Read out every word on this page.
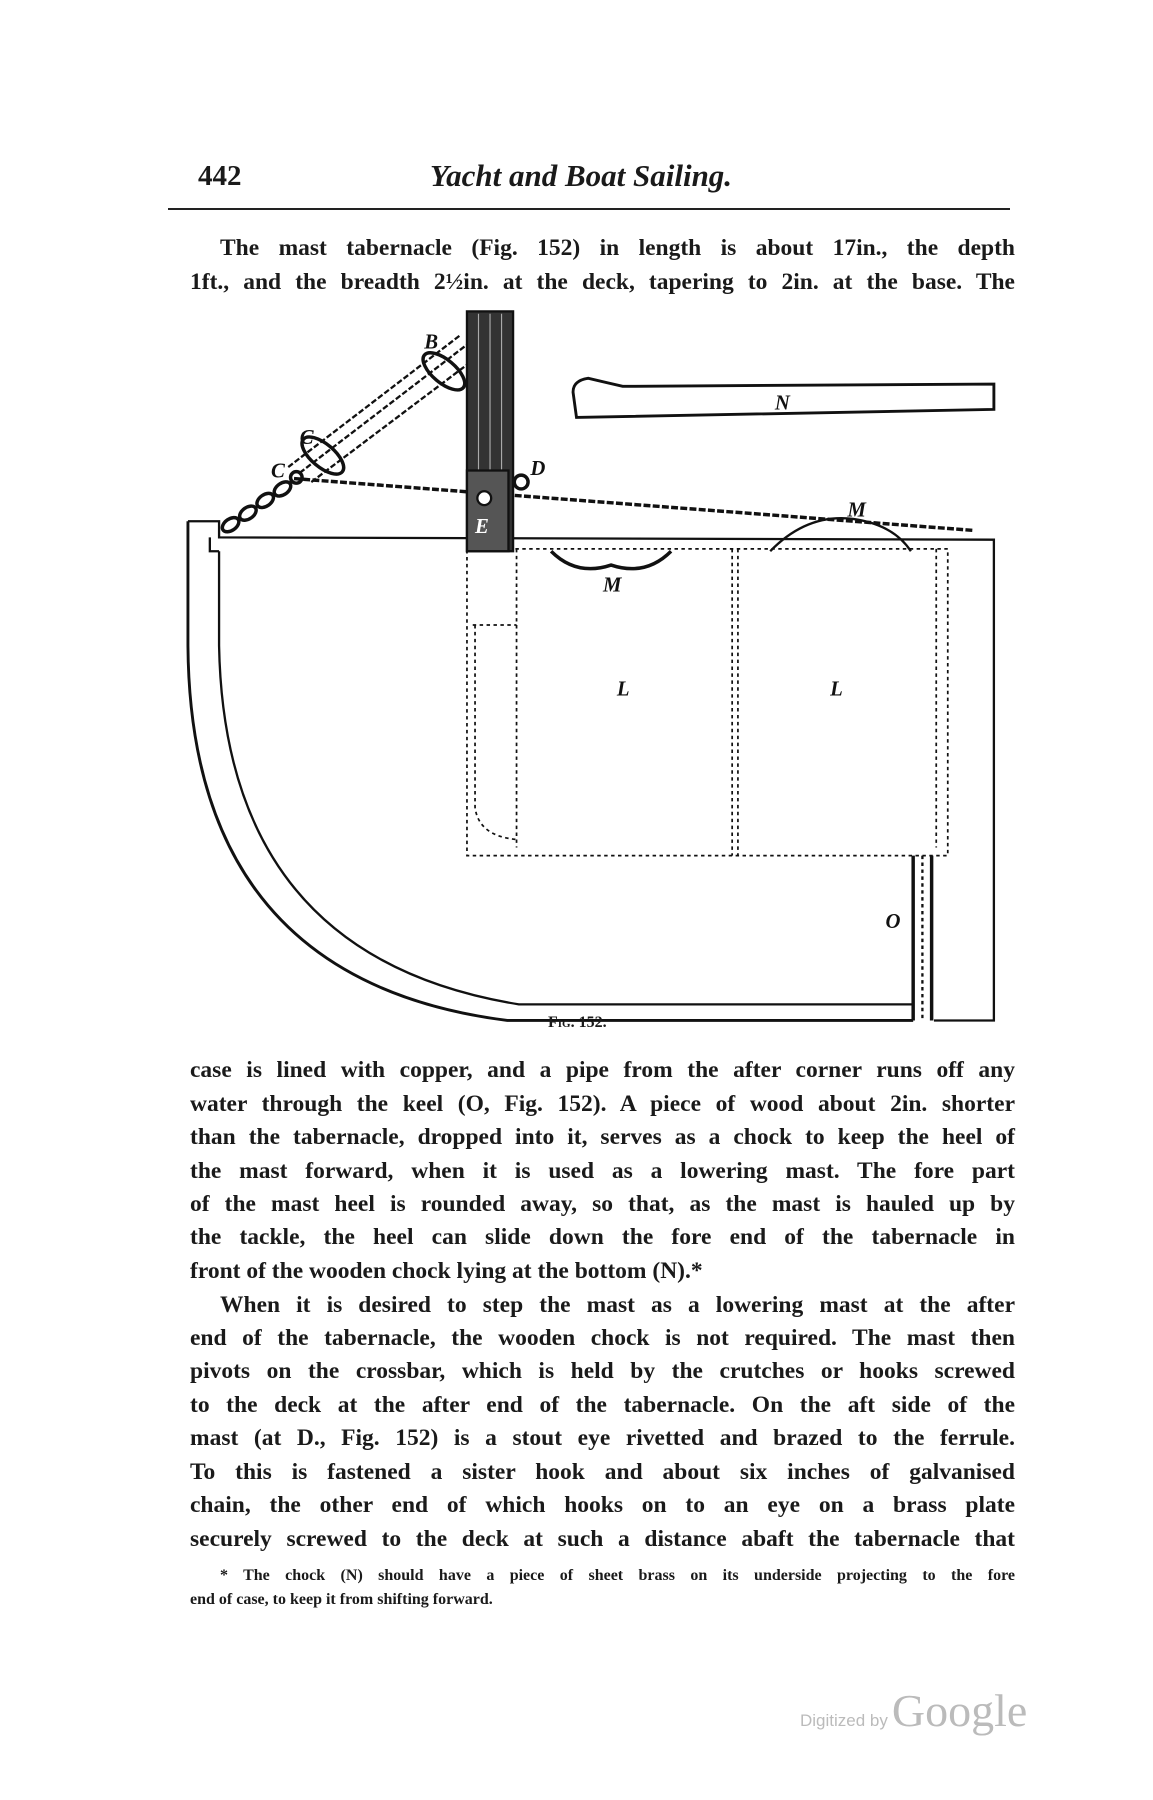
442	Yacht and Boat Sailing.
The mast tabernacle (Fig. 152) in length is about 17in., the depth
1ft., and the breadth 2½in. at the deck, tapering to 2in. at the base. The
B
C
C	D
E
M
M
N
L	L
O
Fig. 152.
case is lined with copper, and a pipe from the after corner runs off any
water through the keel (O, Fig. 152). A piece of wood about 2in. shorter
than the tabernacle, dropped into it, serves as a chock to keep the heel of
the mast forward, when it is used as a lowering mast. The fore part
of the mast heel is rounded away, so that, as the mast is hauled up by
the tackle, the heel can slide down the fore end of the tabernacle in
front of the wooden chock lying at the bottom (N).*
When it is desired to step the mast as a lowering mast at the after
end of the tabernacle, the wooden chock is not required. The mast then
pivots on the crossbar, which is held by the crutches or hooks screwed
to the deck at the after end of the tabernacle. On the aft side of the
mast (at D., Fig. 152) is a stout eye rivetted and brazed to the ferrule.
To this is fastened a sister hook and about six inches of galvanised
chain, the other end of which hooks on to an eye on a brass plate
securely screwed to the deck at such a distance abaft the tabernacle that
* The chock (N) should have a piece of sheet brass on its underside projecting to the fore
end of case, to keep it from shifting forward.
Digitized by Google
